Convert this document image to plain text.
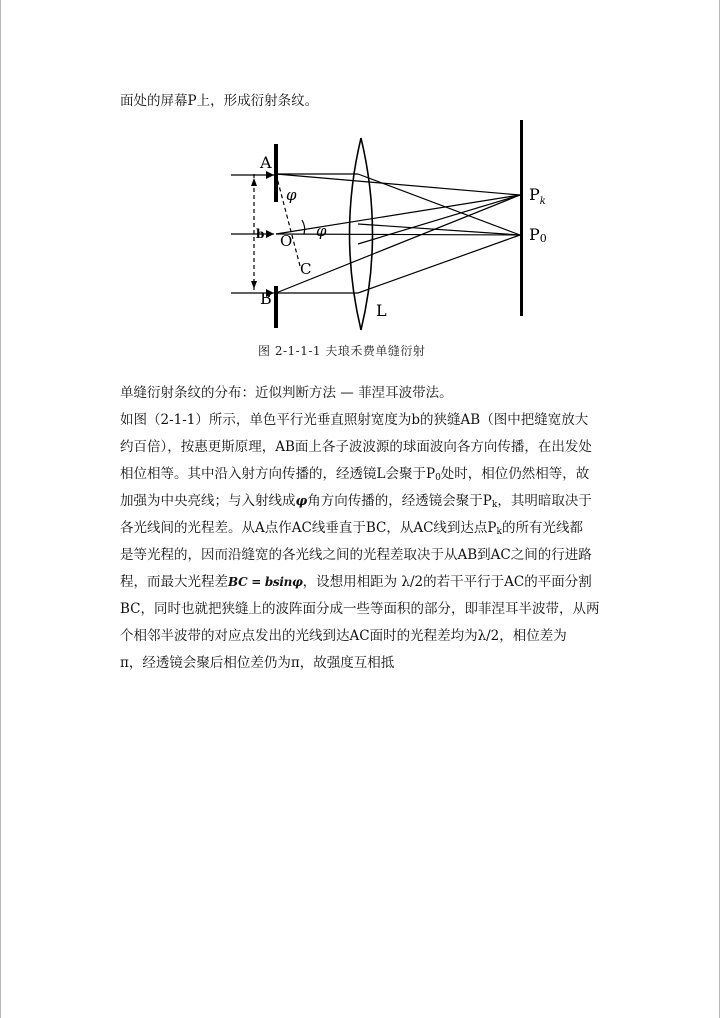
面处的屏幕P上，形成衍射条纹。
A
B
O
b
C
L
φ
φ
$P_k$
P0
图 2-1-1-1 夫琅禾费单缝衍射
单缝衍射条纹的分布：近似判断方法 — 菲涅耳波带法。
如图（2-1-1）所示，单色平行光垂直照射宽度为b的狭缝AB（图中把缝宽放大
约百倍），按惠更斯原理，AB面上各子波波源的球面波向各方向传播，在出发处
相位相等。其中沿入射方向传播的，经透镜L会聚于$P_0$处时，相位仍然相等，故
加强为中央亮线；与入射线成φ角方向传播的，经透镜会聚于$P_k$，其明暗取决于
各光线间的光程差。从A点作AC线垂直于BC，从AC线到达点$P_k$的所有光线都
是等光程的，因而沿缝宽的各光线之间的光程差取决于从AB到AC之间的行进路
程，而最大光程差BC = bsinφ，设想用相距为 λ/2的若干平行于AC的平面分割
BC，同时也就把狭缝上的波阵面分成一些等面积的部分，即菲涅耳半波带，从两
个相邻半波带的对应点发出的光线到达AC面时的光程差均为λ/2，相位差为
π，经透镜会聚后相位差仍为π，故强度互相抵
